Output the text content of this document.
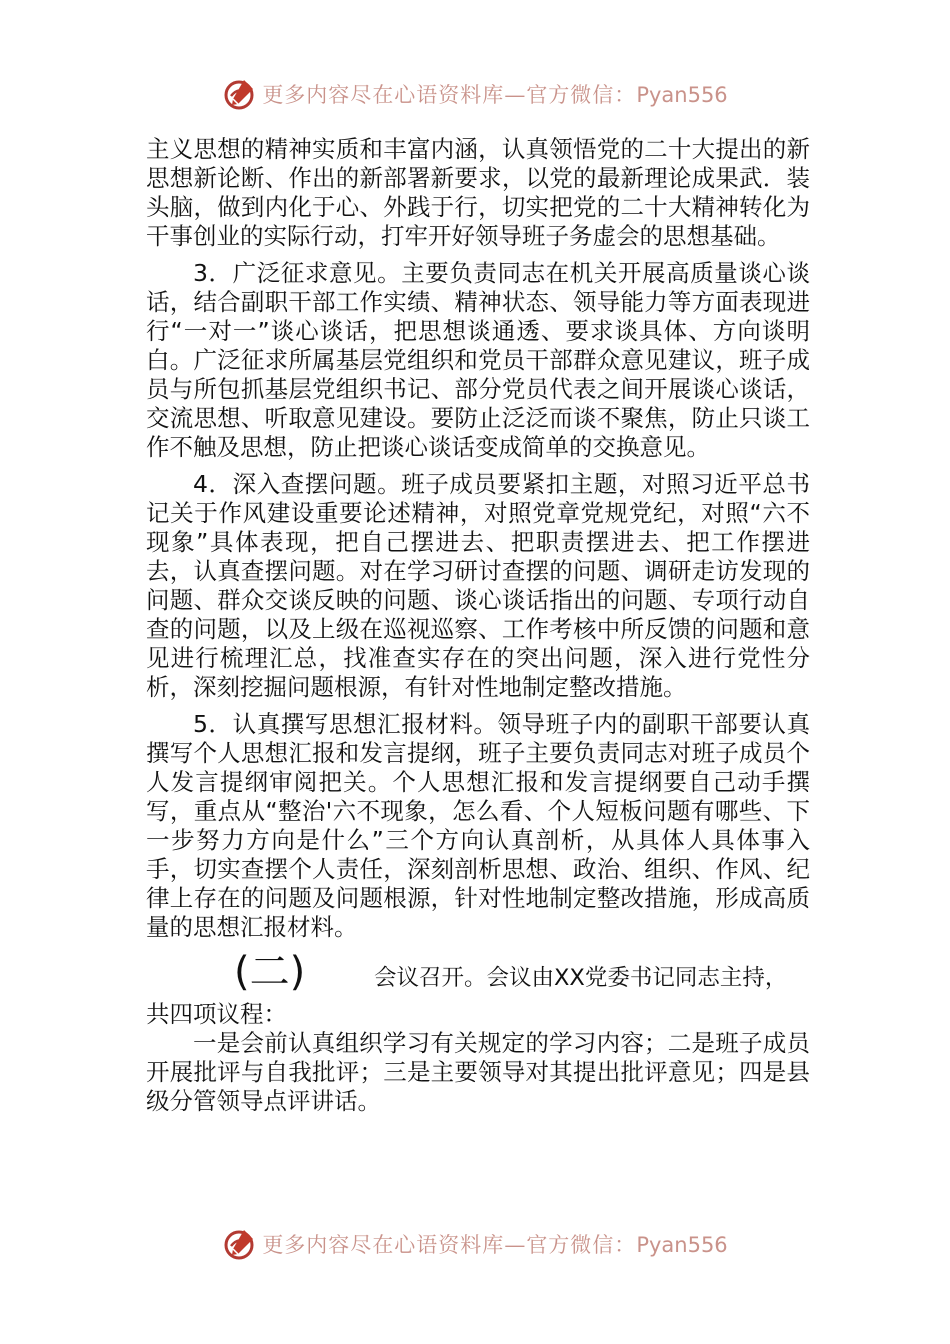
更多内容尽在心语资料库—官方微信：Pyan556

主义思想的精神实质和丰富内涵，认真领悟党的二十大提出的新思想新论断、作出的新部署新要求，以党的最新理论成果武．装头脑，做到内化于心、外践于行，切实把党的二十大精神转化为干事创业的实际行动，打牢开好领导班子务虚会的思想基础。

3．广泛征求意见。主要负责同志在机关开展高质量谈心谈话，结合副职干部工作实绩、精神状态、领导能力等方面表现进行“一对一”谈心谈话，把思想谈通透、要求谈具体、方向谈明白。广泛征求所属基层党组织和党员干部群众意见建议，班子成员与所包抓基层党组织书记、部分党员代表之间开展谈心谈话，交流思想、听取意见建设。要防止泛泛而谈不聚焦，防止只谈工作不触及思想，防止把谈心谈话变成简单的交换意见。

4．深入查摆问题。班子成员要紧扣主题，对照习近平总书记关于作风建设重要论述精神，对照党章党规党纪，对照“六不现象”具体表现，把自己摆进去、把职责摆进去、把工作摆进去，认真查摆问题。对在学习研讨查摆的问题、调研走访发现的问题、群众交谈反映的问题、谈心谈话指出的问题、专项行动自查的问题，以及上级在巡视巡察、工作考核中所反馈的问题和意见进行梳理汇总，找准查实存在的突出问题，深入进行党性分析，深刻挖掘问题根源，有针对性地制定整改措施。

5．认真撰写思想汇报材料。领导班子内的副职干部要认真撰写个人思想汇报和发言提纲，班子主要负责同志对班子成员个人发言提纲审阅把关。个人思想汇报和发言提纲要自己动手撰写，重点从“整治'六不现象，怎么看、个人短板问题有哪些、下一步努力方向是什么”三个方向认真剖析，从具体人具体事入手，切实查摆个人责任，深刻剖析思想、政治、组织、作风、纪律上存在的问题及问题根源，针对性地制定整改措施，形成高质量的思想汇报材料。

(二)	会议召开。会议由XX党委书记同志主持，

共四项议程：

一是会前认真组织学习有关规定的学习内容；二是班子成员开展批评与自我批评；三是主要领导对其提出批评意见；四是县级分管领导点评讲话。

更多内容尽在心语资料库—官方微信：Pyan556
